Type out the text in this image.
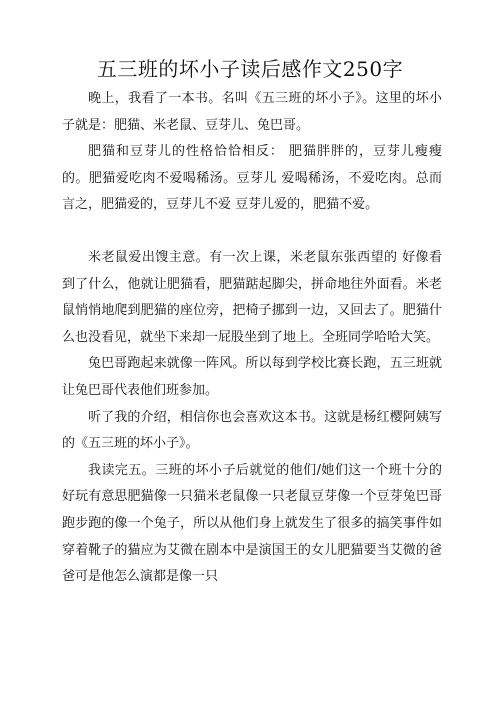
五三班的坏小子读后感作文250字

晚上，我看了一本书。名叫《五三班的坏小子》。这里的坏小子就是：肥猫、米老鼠、豆芽儿、兔巴哥。

肥猫和豆芽儿的性格恰恰相反： 肥猫胖胖的，豆芽儿瘦瘦的。肥猫爱吃肉不爱喝稀汤。豆芽儿 爱喝稀汤，不爱吃肉。总而言之，肥猫爱的，豆芽儿不爱 豆芽儿爱的，肥猫不爱。

米老鼠爱出馊主意。有一次上课，米老鼠东张西望的 好像看到了什么，他就让肥猫看，肥猫踮起脚尖，拼命地往外面看。米老鼠悄悄地爬到肥猫的座位旁，把椅子挪到一边，又回去了。肥猫什么也没看见，就坐下来却一屁股坐到了地上。全班同学哈哈大笑。

兔巴哥跑起来就像一阵风。所以每到学校比赛长跑，五三班就让兔巴哥代表他们班参加。

听了我的介绍，相信你也会喜欢这本书。这就是杨红樱阿姨写的《五三班的坏小子》。

我读完五。三班的坏小子后就觉的他们/她们这一个班十分的好玩有意思肥猫像一只猫米老鼠像一只老鼠豆芽像一个豆芽兔巴哥跑步跑的像一个兔子，所以从他们身上就发生了很多的搞笑事件如穿着靴子的猫应为艾微在剧本中是演国王的女儿肥猫要当艾微的爸爸可是他怎么演都是像一只
